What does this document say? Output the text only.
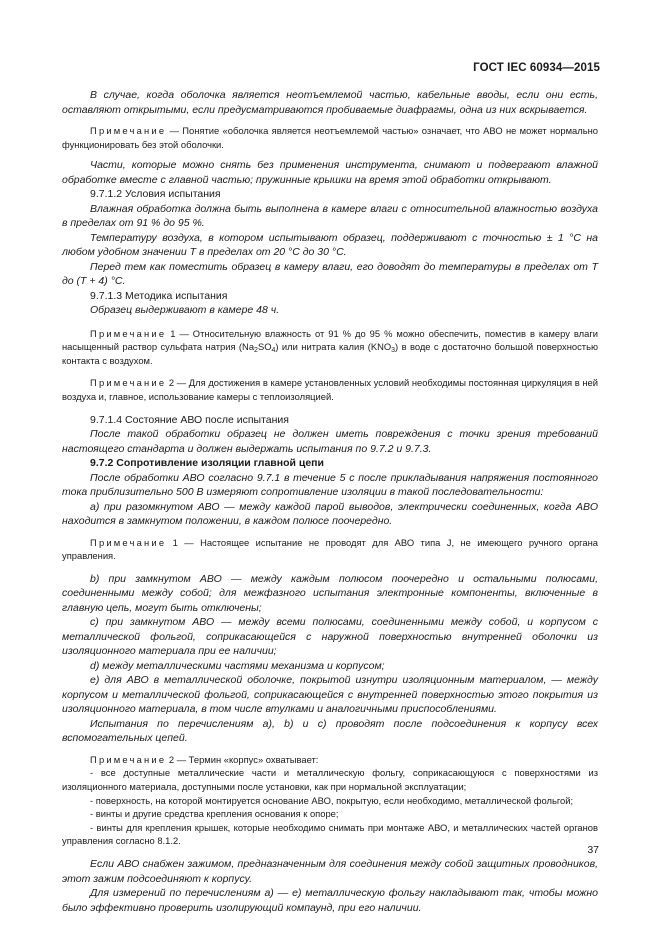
ГОСТ IEC 60934—2015

В случае, когда оболочка является неотъемлемой частью, кабельные вводы, если они есть, оставляют открытыми, если предусматриваются пробиваемые диафрагмы, одна из них вскрывается.

Примечание — Понятие «оболочка является неотъемлемой частью» означает, что АВО не может нормально функционировать без этой оболочки.

Части, которые можно снять без применения инструмента, снимают и подвергают влажной обработке вместе с главной частью; пружинные крышки на время этой обработки открывают.

9.7.1.2 Условия испытания

Влажная обработка должна быть выполнена в камере влаги с относительной влажностью воздуха в пределах от 91 % до 95 %.

Температуру воздуха, в котором испытывают образец, поддерживают с точностью ± 1 °С на любом удобном значении T в пределах от 20 °С до 30 °С.

Перед тем как поместить образец в камеру влаги, его доводят до температуры в пределах от Т до (Т + 4) °С.

9.7.1.3 Методика испытания

Образец выдерживают в камере 48 ч.

Примечание 1 — Относительную влажность от 91 % до 95 % можно обеспечить, поместив в камеру влаги насыщенный раствор сульфата натрия $(Na_2SO_4)$ или нитрата калия $(KNO_3)$ в воде с достаточно большой поверхностью контакта с воздухом.

Примечание 2 — Для достижения в камере установленных условий необходимы постоянная циркуляция в ней воздуха и, главное, использование камеры с теплоизоляцией.

9.7.1.4 Состояние АВО после испытания

После такой обработки образец не должен иметь повреждения с точки зрения требований настоящего стандарта и должен выдержать испытания по 9.7.2 и 9.7.3.

9.7.2 Сопротивление изоляции главной цепи

После обработки АВО согласно 9.7.1 в течение 5 с после прикладывания напряжения постоянного тока приблизительно 500 В измеряют сопротивление изоляции в такой последовательности:

а) при разомкнутом АВО — между каждой парой выводов, электрически соединенных, когда АВО находится в замкнутом положении, в каждом полюсе поочередно.

Примечание 1 — Настоящее испытание не проводят для АВО типа J, не имеющего ручного органа управления.

b) при замкнутом АВО — между каждым полюсом поочередно и остальными полюсами, соединенными между собой; для межфазного испытания электронные компоненты, включенные в главную цепь, могут быть отключены;

с) при замкнутом АВО — между всеми полюсами, соединенными между собой, и корпусом с металлической фольгой, соприкасающейся с наружной поверхностью внутренней оболочки из изоляционного материала при ее наличии;

d) между металлическими частями механизма и корпусом;

е) для АВО в металлической оболочке, покрытой изнутри изоляционным материалом, — между корпусом и металлической фольгой, соприкасающейся с внутренней поверхностью этого покрытия из изоляционного материала, в том числе втулками и аналогичными приспособлениями.

Испытания по перечислениям а), b) и с) проводят после подсоединения к корпусу всех вспомогательных цепей.

Примечание 2 — Термин «корпус» охватывает:

- все доступные металлические части и металлическую фольгу, соприкасающуюся с поверхностями из изоляционного материала, доступными после установки, как при нормальной эксплуатации;

- поверхность, на которой монтируется основание АВО, покрытую, если необходимо, металлической фольгой;

- винты и другие средства крепления основания к опоре;

- винты для крепления крышек, которые необходимо снимать при монтаже АВО, и металлических частей органов управления согласно 8.1.2.

Если АВО снабжен зажимом, предназначенным для соединения между собой защитных проводников, этот зажим подсоединяют к корпусу.

Для измерений по перечислениям а) — е) металлическую фольгу накладывают так, чтобы можно было эффективно проверить изолирующий компаунд, при его наличии.

37
